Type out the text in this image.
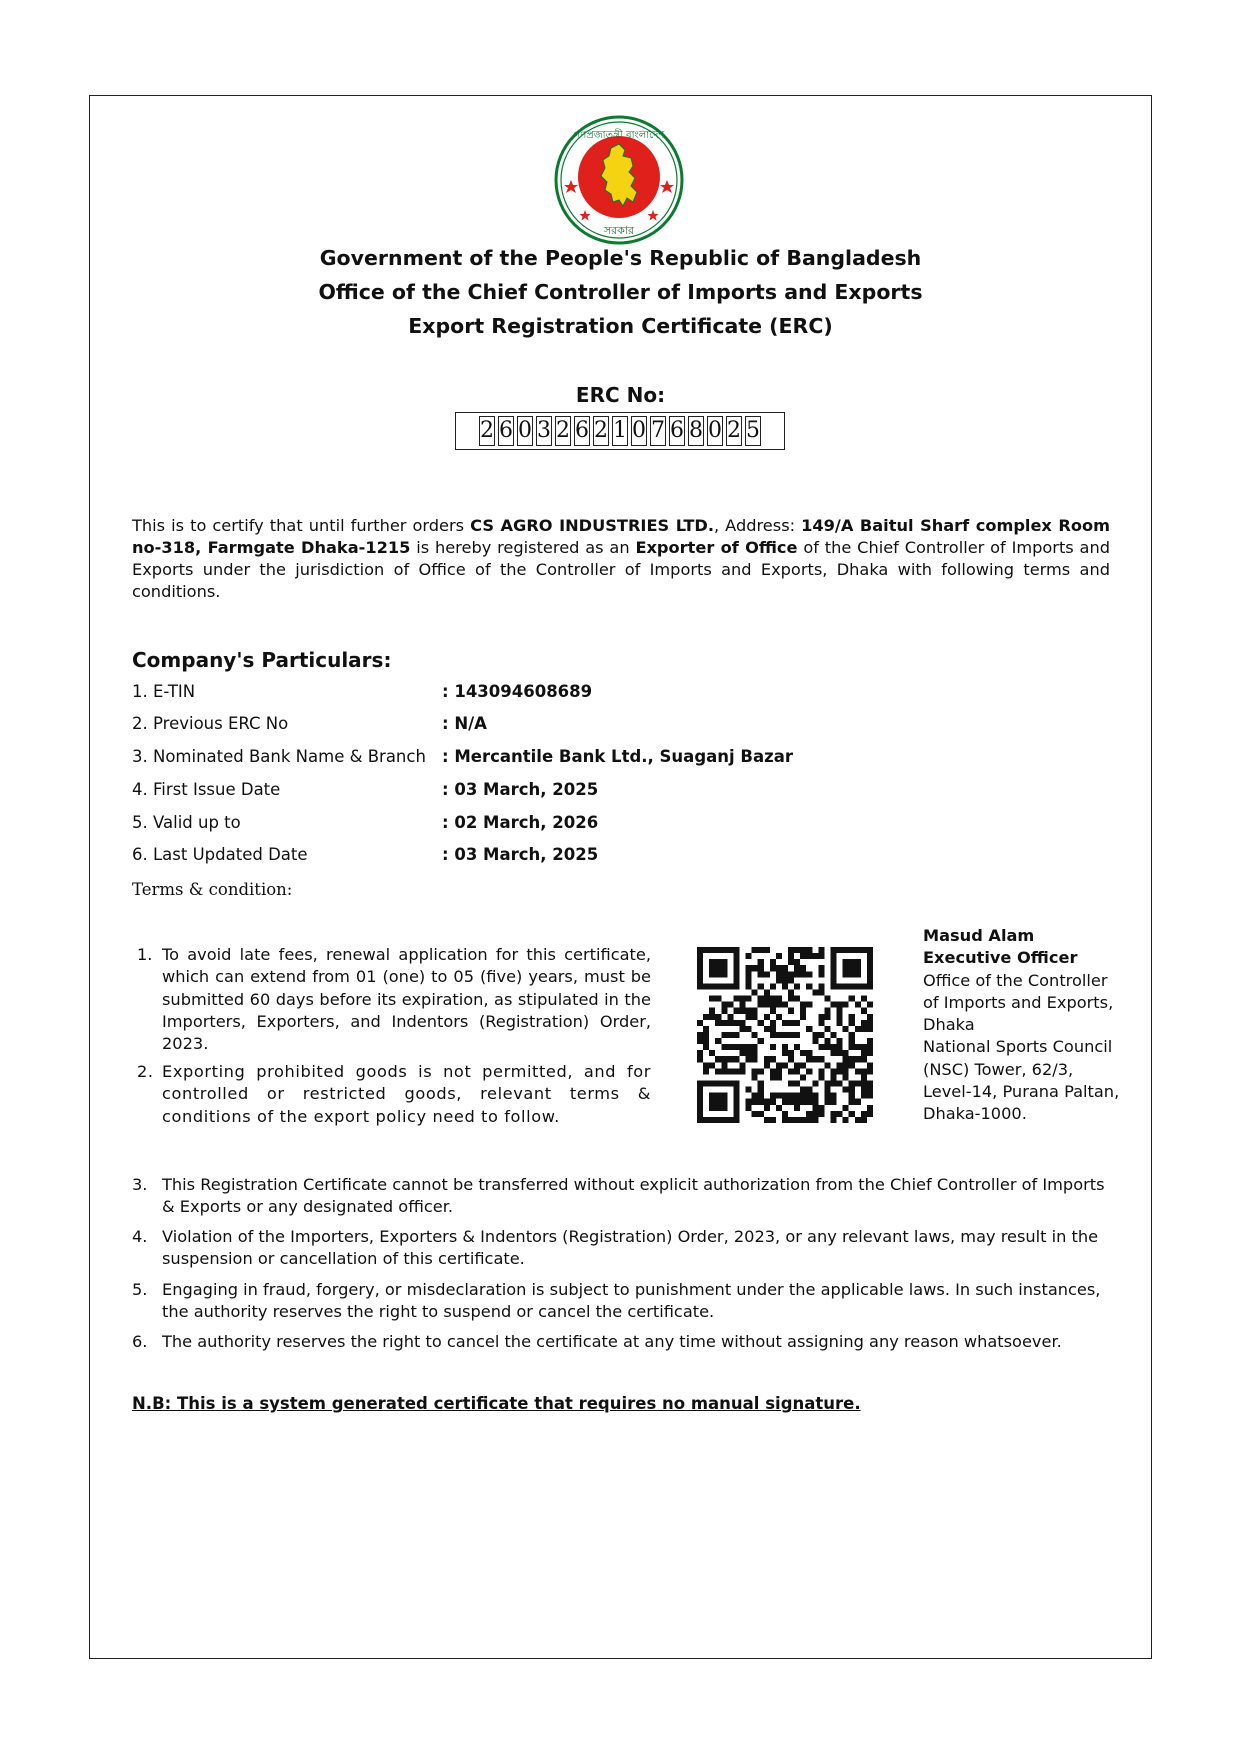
গণপ্রজাতন্ত্রী বাংলাদেশ
সরকার
Government of the People's Republic of Bangladesh
Office of the Chief Controller of Imports and Exports
Export Registration Certificate (ERC)
ERC No:
2 6 0 3 2 6 2 1 0 7 6 8 0 2 5
This is to certify that until further orders CS AGRO INDUSTRIES LTD., Address: 149/A Baitul Sharf complex Room no-318, Farmgate Dhaka-1215 is hereby registered as an Exporter of Office of the Chief Controller of Imports and Exports under the jurisdiction of Office of the Controller of Imports and Exports, Dhaka with following terms and conditions.
Company's Particulars:
1. E-TIN	: 143094608689
2. Previous ERC No	: N/A
3. Nominated Bank Name & Branch : Mercantile Bank Ltd., Suaganj Bazar
4. First Issue Date	: 03 March, 2025
5. Valid up to	: 02 March, 2026
6. Last Updated Date	: 03 March, 2025
Terms & condition:
1. To avoid late fees, renewal application for this certificate, which can extend from 01 (one) to 05 (five) years, must be submitted 60 days before its expiration, as stipulated in the Importers, Exporters, and Indentors (Registration) Order, 2023.
2. Exporting prohibited goods is not permitted, and for controlled or restricted goods, relevant terms & conditions of the export policy need to follow.
Masud Alam
Executive Officer
Office of the Controller of Imports and Exports, Dhaka
National Sports Council (NSC) Tower, 62/3, Level-14, Purana Paltan, Dhaka-1000.
3. This Registration Certificate cannot be transferred without explicit authorization from the Chief Controller of Imports & Exports or any designated officer.
4. Violation of the Importers, Exporters & Indentors (Registration) Order, 2023, or any relevant laws, may result in the suspension or cancellation of this certificate.
5. Engaging in fraud, forgery, or misdeclaration is subject to punishment under the applicable laws. In such instances, the authority reserves the right to suspend or cancel the certificate.
6. The authority reserves the right to cancel the certificate at any time without assigning any reason whatsoever.
N.B: This is a system generated certificate that requires no manual signature.
